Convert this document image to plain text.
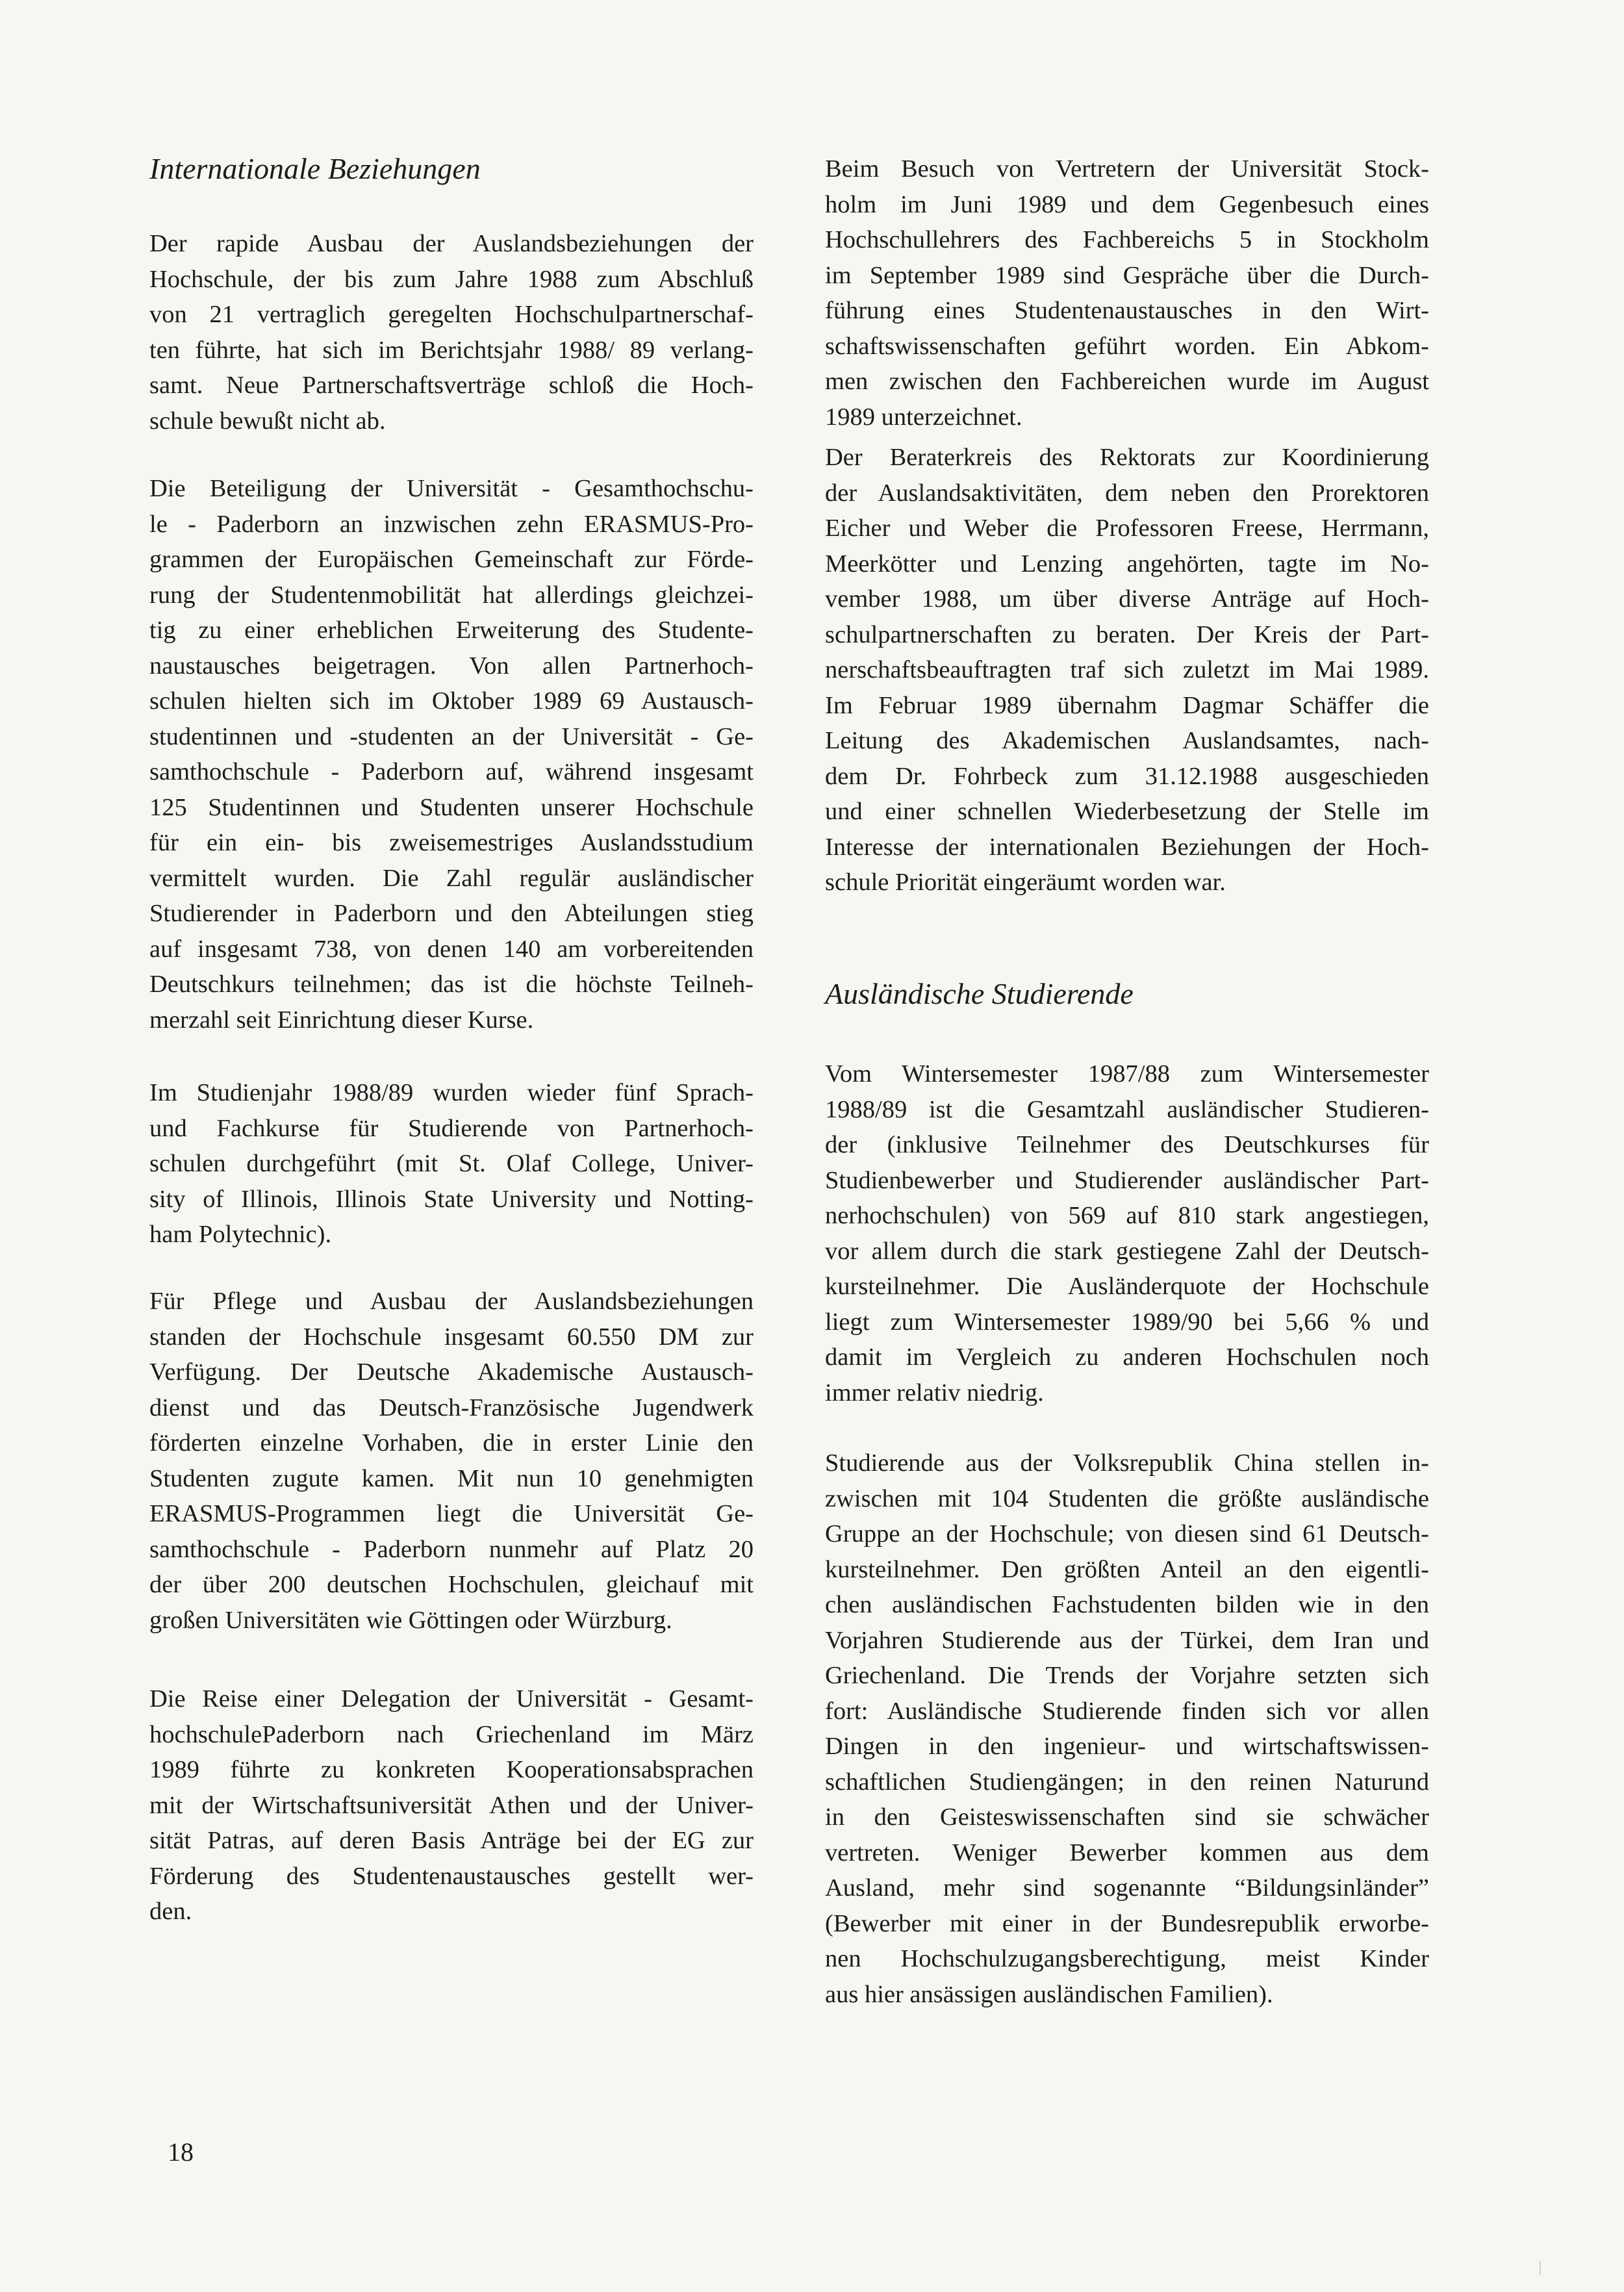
Internationale Beziehungen
Der rapide Ausbau der Auslandsbeziehungen der
Hochschule, der bis zum Jahre 1988 zum Abschluß
von 21 vertraglich geregelten Hochschulpartnerschaf-
ten führte, hat sich im Berichtsjahr 1988/ 89 verlang-
samt. Neue Partnerschaftsverträge schloß die Hoch-
schule bewußt nicht ab.
Die Beteiligung der Universität - Gesamthochschu-
le - Paderborn an inzwischen zehn ERASMUS-Pro-
grammen der Europäischen Gemeinschaft zur Förde-
rung der Studentenmobilität hat allerdings gleichzei-
tig zu einer erheblichen Erweiterung des Studente-
naustausches beigetragen. Von allen Partnerhoch-
schulen hielten sich im Oktober 1989 69 Austausch-
studentinnen und -studenten an der Universität - Ge-
samthochschule - Paderborn auf, während insgesamt
125 Studentinnen und Studenten unserer Hochschule
für ein ein- bis zweisemestriges Auslandsstudium
vermittelt wurden. Die Zahl regulär ausländischer
Studierender in Paderborn und den Abteilungen stieg
auf insgesamt 738, von denen 140 am vorbereitenden
Deutschkurs teilnehmen; das ist die höchste Teilneh-
merzahl seit Einrichtung dieser Kurse.
Im Studienjahr 1988/89 wurden wieder fünf Sprach-
und Fachkurse für Studierende von Partnerhoch-
schulen durchgeführt (mit St. Olaf College, Univer-
sity of Illinois, Illinois State University und Notting-
ham Polytechnic).
Für Pflege und Ausbau der Auslandsbeziehungen
standen der Hochschule insgesamt 60.550 DM zur
Verfügung. Der Deutsche Akademische Austausch-
dienst und das Deutsch-Französische Jugendwerk
förderten einzelne Vorhaben, die in erster Linie den
Studenten zugute kamen. Mit nun 10 genehmigten
ERASMUS-Programmen liegt die Universität Ge-
samthochschule - Paderborn nunmehr auf Platz 20
der über 200 deutschen Hochschulen, gleichauf mit
großen Universitäten wie Göttingen oder Würzburg.
Die Reise einer Delegation der Universität - Gesamt-
hochschulePaderborn nach Griechenland im März
1989 führte zu konkreten Kooperationsabsprachen
mit der Wirtschaftsuniversität Athen und der Univer-
sität Patras, auf deren Basis Anträge bei der EG zur
Förderung des Studentenaustausches gestellt wer-
den.
Beim Besuch von Vertretern der Universität Stock-
holm im Juni 1989 und dem Gegenbesuch eines
Hochschullehrers des Fachbereichs 5 in Stockholm
im September 1989 sind Gespräche über die Durch-
führung eines Studentenaustausches in den Wirt-
schaftswissenschaften geführt worden. Ein Abkom-
men zwischen den Fachbereichen wurde im August
1989 unterzeichnet.
Der Beraterkreis des Rektorats zur Koordinierung
der Auslandsaktivitäten, dem neben den Prorektoren
Eicher und Weber die Professoren Freese, Herrmann,
Meerkötter und Lenzing angehörten, tagte im No-
vember 1988, um über diverse Anträge auf Hoch-
schulpartnerschaften zu beraten. Der Kreis der Part-
nerschaftsbeauftragten traf sich zuletzt im Mai 1989.
Im Februar 1989 übernahm Dagmar Schäffer die
Leitung des Akademischen Auslandsamtes, nach-
dem Dr. Fohrbeck zum 31.12.1988 ausgeschieden
und einer schnellen Wiederbesetzung der Stelle im
Interesse der internationalen Beziehungen der Hoch-
schule Priorität eingeräumt worden war.
Ausländische Studierende
Vom Wintersemester 1987/88 zum Wintersemester
1988/89 ist die Gesamtzahl ausländischer Studieren-
der (inklusive Teilnehmer des Deutschkurses für
Studienbewerber und Studierender ausländischer Part-
nerhochschulen) von 569 auf 810 stark angestiegen,
vor allem durch die stark gestiegene Zahl der Deutsch-
kursteilnehmer. Die Ausländerquote der Hochschule
liegt zum Wintersemester 1989/90 bei 5,66 % und
damit im Vergleich zu anderen Hochschulen noch
immer relativ niedrig.
Studierende aus der Volksrepublik China stellen in-
zwischen mit 104 Studenten die größte ausländische
Gruppe an der Hochschule; von diesen sind 61 Deutsch-
kursteilnehmer. Den größten Anteil an den eigentli-
chen ausländischen Fachstudenten bilden wie in den
Vorjahren Studierende aus der Türkei, dem Iran und
Griechenland. Die Trends der Vorjahre setzten sich
fort: Ausländische Studierende finden sich vor allen
Dingen in den ingenieur- und wirtschaftswissen-
schaftlichen Studiengängen; in den reinen Naturund
in den Geisteswissenschaften sind sie schwächer
vertreten. Weniger Bewerber kommen aus dem
Ausland, mehr sind sogenannte “Bildungsinländer”
(Bewerber mit einer in der Bundesrepublik erworbe-
nen Hochschulzugangsberechtigung, meist Kinder
aus hier ansässigen ausländischen Familien).
18
